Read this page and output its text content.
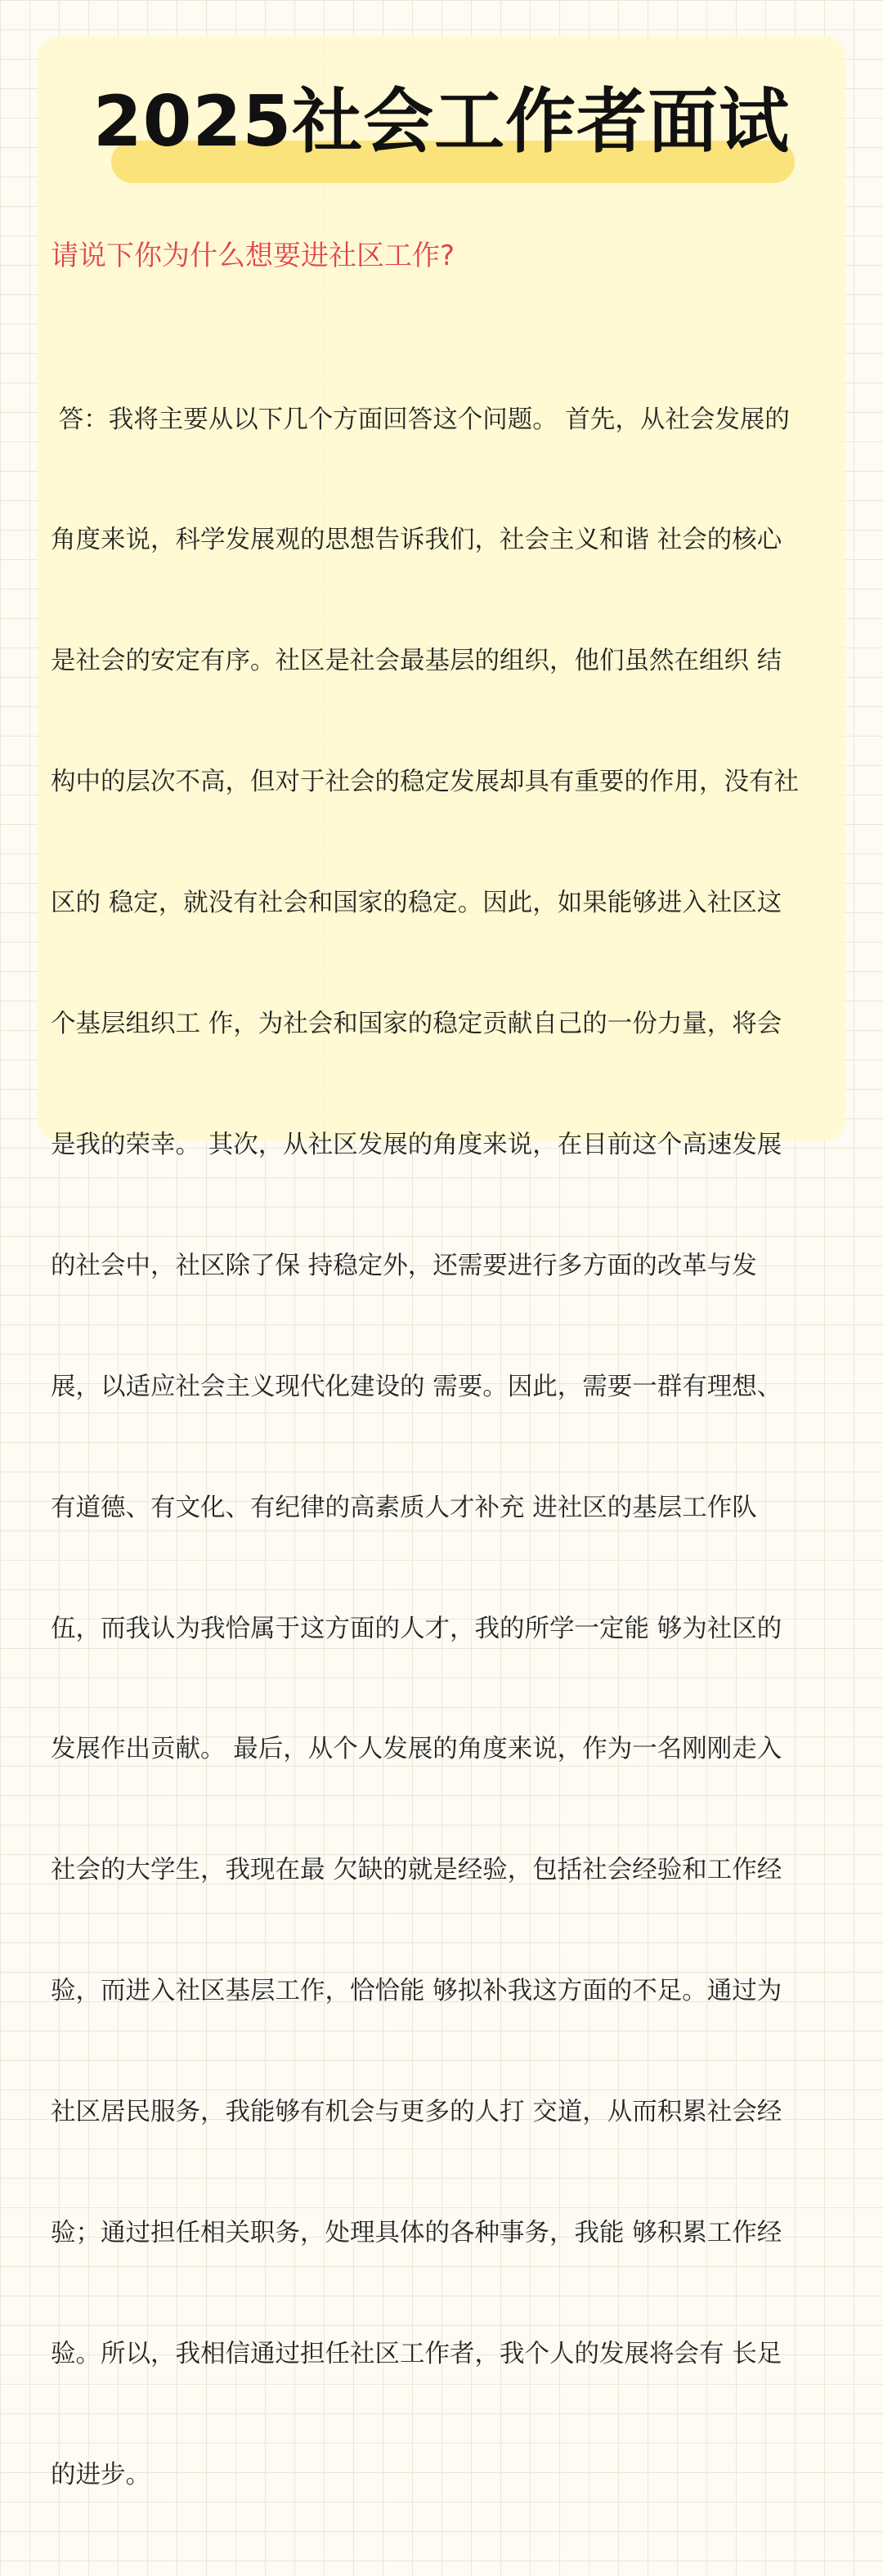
2025社会工作者面试
请说下你为什么想要进社区工作?

答：我将主要从以下几个方面回答这个问题。 首先，从社会发展的

角度来说，科学发展观的思想告诉我们，社会主义和谐 社会的核心

是社会的安定有序。社区是社会最基层的组织，他们虽然在组织 结

构中的层次不高，但对于社会的稳定发展却具有重要的作用，没有社

区的 稳定，就没有社会和国家的稳定。因此，如果能够进入社区这

个基层组织工 作，为社会和国家的稳定贡献自己的一份力量，将会

是我的荣幸。 其次，从社区发展的角度来说，在目前这个高速发展

的社会中，社区除了保 持稳定外，还需要进行多方面的改革与发

展，以适应社会主义现代化建设的 需要。因此，需要一群有理想、

有道德、有文化、有纪律的高素质人才补充 进社区的基层工作队

伍，而我认为我恰属于这方面的人才，我的所学一定能 够为社区的

发展作出贡献。 最后，从个人发展的角度来说，作为一名刚刚走入

社会的大学生，我现在最 欠缺的就是经验，包括社会经验和工作经

验，而进入社区基层工作，恰恰能 够拟补我这方面的不足。通过为

社区居民服务，我能够有机会与更多的人打 交道，从而积累社会经

验；通过担任相关职务，处理具体的各种事务，我能 够积累工作经

验。所以，我相信通过担任社区工作者，我个人的发展将会有 长足

的进步。
